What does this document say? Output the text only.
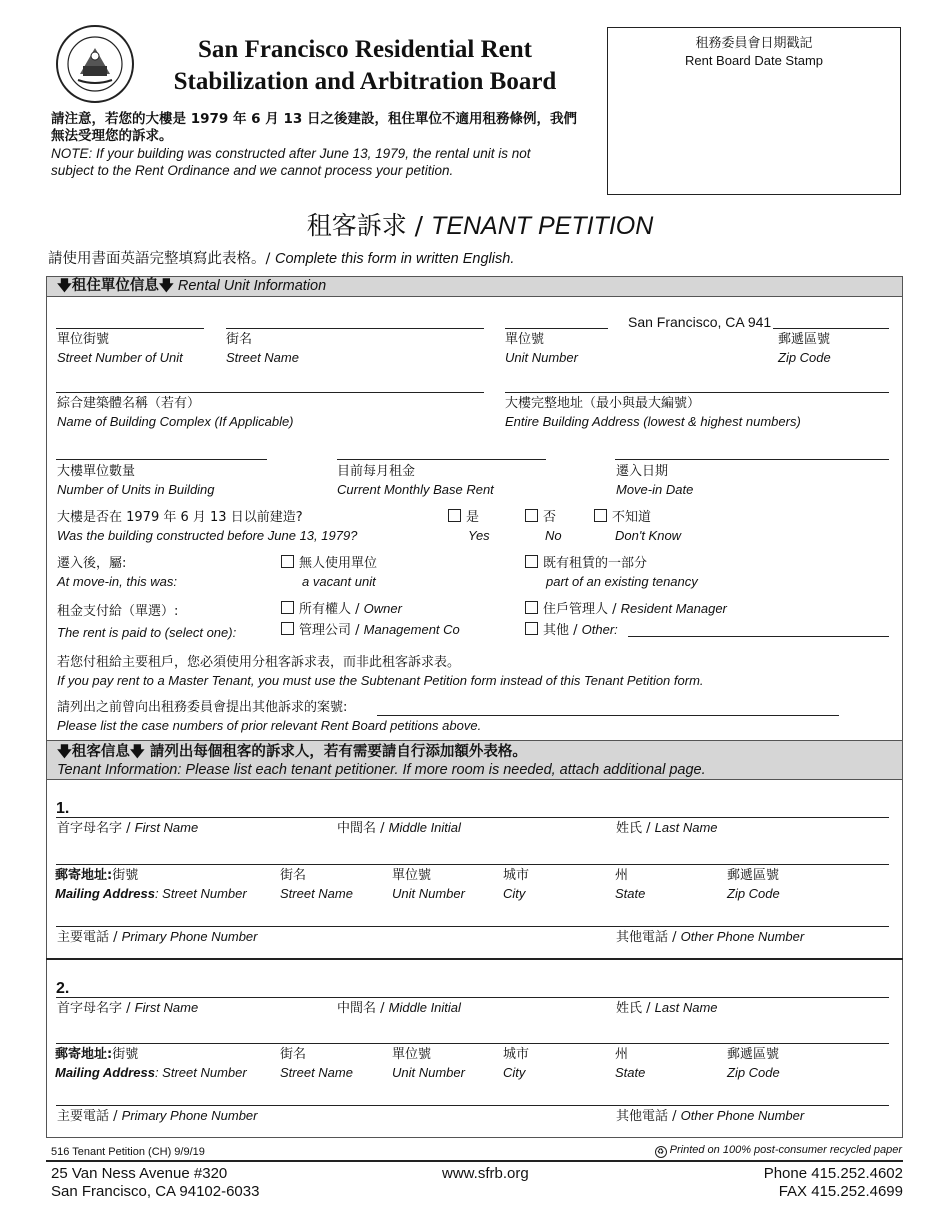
San Francisco Residential Rent
Stabilization and Arbitration Board
請注意，若您的大樓是 1979 年 6 月 13 日之後建設，租住單位不適用租務條例，我們
無法受理您的訴求。
NOTE: If your building was constructed after June 13, 1979, the rental unit is not
subject to the Rent Ordinance and we cannot process your petition.
租務委員會日期戳記
Rent Board Date Stamp
租客訴求 / TENANT PETITION
請使用書面英語完整填寫此表格。/ Complete this form in written English.
🡇租住單位信息🡇 Rental Unit Information
San Francisco, CA 941
單位街號
Street Number of Unit
街名
Street Name
單位號
Unit Number
郵遞區號
Zip Code
綜合建築體名稱（若有）
Name of Building Complex (If Applicable)
大樓完整地址（最小與最大編號）
Entire Building Address (lowest & highest numbers)
大樓單位數量
Number of Units in Building
目前每月租金
Current Monthly Base Rent
遷入日期
Move-in Date
大樓是否在 1979 年 6 月 13 日以前建造?
Was the building constructed before June 13, 1979?
是
Yes
否
No
不知道
Don't Know
遷入後，屬:
At move-in, this was:
無人使用單位
a vacant unit
既有租賃的一部分
part of an existing tenancy
租金支付給（單選）:
The rent is paid to (select one):
所有權人 / Owner	住戶管理人 / Resident Manager
管理公司 / Management Co	其他 / Other:
若您付租給主要租戶，您必須使用分租客訴求表，而非此租客訴求表。
If you pay rent to a Master Tenant, you must use the Subtenant Petition form instead of this Tenant Petition form.
請列出之前曾向出租務委員會提出其他訴求的案號:
Please list the case numbers of prior relevant Rent Board petitions above.
🡇租客信息🡇 請列出每個租客的訴求人，若有需要請自行添加額外表格。
Tenant Information: Please list each tenant petitioner. If more room is needed, attach additional page.
1.
首字母名字 / First Name	中間名 / Middle Initial	姓氏 / Last Name
郵寄地址:街號
Mailing Address: Street Number
街名
Street Name
單位號
Unit Number
城市
City
州
State
郵遞區號
Zip Code
主要電話 / Primary Phone Number	其他電話 / Other Phone Number
2.
首字母名字 / First Name	中間名 / Middle Initial	姓氏 / Last Name
郵寄地址:街號
Mailing Address: Street Number
街名
Street Name
單位號
Unit Number
城市
City
州
State
郵遞區號
Zip Code
主要電話 / Primary Phone Number	其他電話 / Other Phone Number
516 Tenant Petition (CH) 9/9/19	♻ Printed on 100% post-consumer recycled paper
25 Van Ness Avenue #320
San Francisco, CA 94102-6033
www.sfrb.org	Phone 415.252.4602
FAX 415.252.4699
